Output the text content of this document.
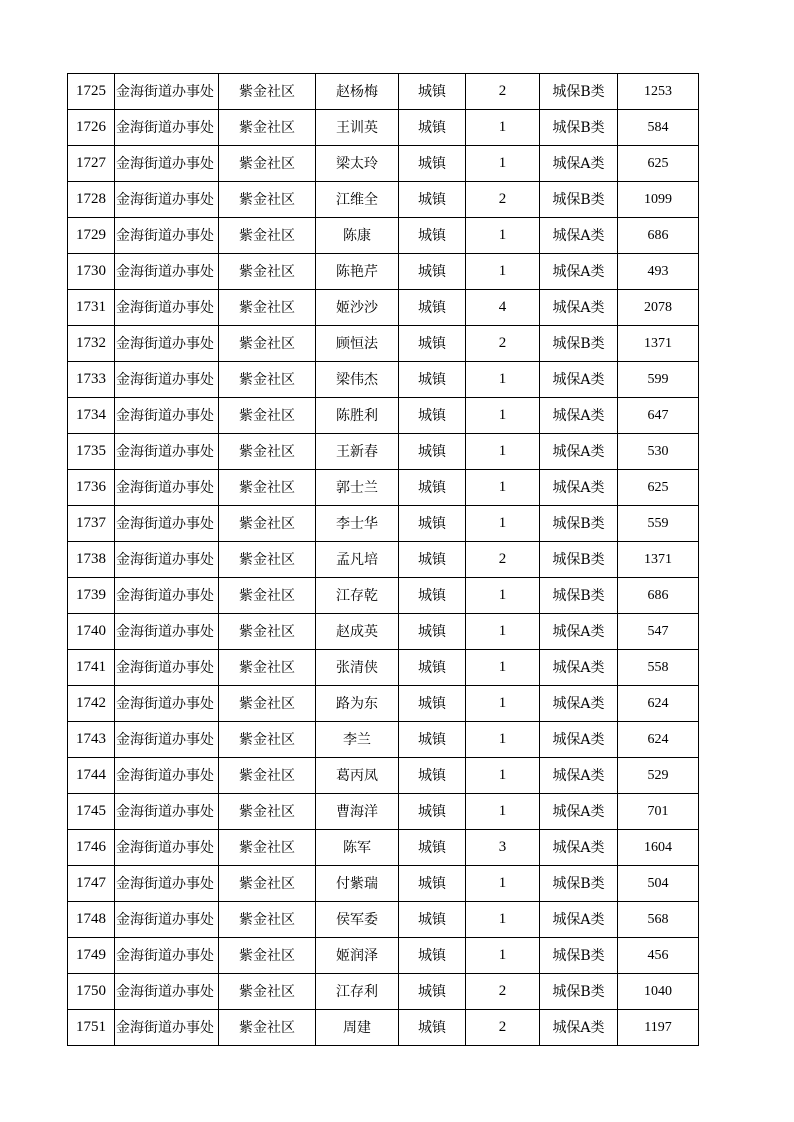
1725	金海街道办事处	紫金社区	赵杨梅	城镇	2	城保B类	1253
1726	金海街道办事处	紫金社区	王训英	城镇	1	城保B类	584
1727	金海街道办事处	紫金社区	梁太玲	城镇	1	城保A类	625
1728	金海街道办事处	紫金社区	江维全	城镇	2	城保B类	1099
1729	金海街道办事处	紫金社区	陈康	城镇	1	城保A类	686
1730	金海街道办事处	紫金社区	陈艳芹	城镇	1	城保A类	493
1731	金海街道办事处	紫金社区	姬沙沙	城镇	4	城保A类	2078
1732	金海街道办事处	紫金社区	顾恒法	城镇	2	城保B类	1371
1733	金海街道办事处	紫金社区	梁伟杰	城镇	1	城保A类	599
1734	金海街道办事处	紫金社区	陈胜利	城镇	1	城保A类	647
1735	金海街道办事处	紫金社区	王新春	城镇	1	城保A类	530
1736	金海街道办事处	紫金社区	郭士兰	城镇	1	城保A类	625
1737	金海街道办事处	紫金社区	李士华	城镇	1	城保B类	559
1738	金海街道办事处	紫金社区	孟凡培	城镇	2	城保B类	1371
1739	金海街道办事处	紫金社区	江存乾	城镇	1	城保B类	686
1740	金海街道办事处	紫金社区	赵成英	城镇	1	城保A类	547
1741	金海街道办事处	紫金社区	张清侠	城镇	1	城保A类	558
1742	金海街道办事处	紫金社区	路为东	城镇	1	城保A类	624
1743	金海街道办事处	紫金社区	李兰	城镇	1	城保A类	624
1744	金海街道办事处	紫金社区	葛丙凤	城镇	1	城保A类	529
1745	金海街道办事处	紫金社区	曹海洋	城镇	1	城保A类	701
1746	金海街道办事处	紫金社区	陈军	城镇	3	城保A类	1604
1747	金海街道办事处	紫金社区	付紫瑞	城镇	1	城保B类	504
1748	金海街道办事处	紫金社区	侯军委	城镇	1	城保A类	568
1749	金海街道办事处	紫金社区	姬润泽	城镇	1	城保B类	456
1750	金海街道办事处	紫金社区	江存利	城镇	2	城保B类	1040
1751	金海街道办事处	紫金社区	周建	城镇	2	城保A类	1197
